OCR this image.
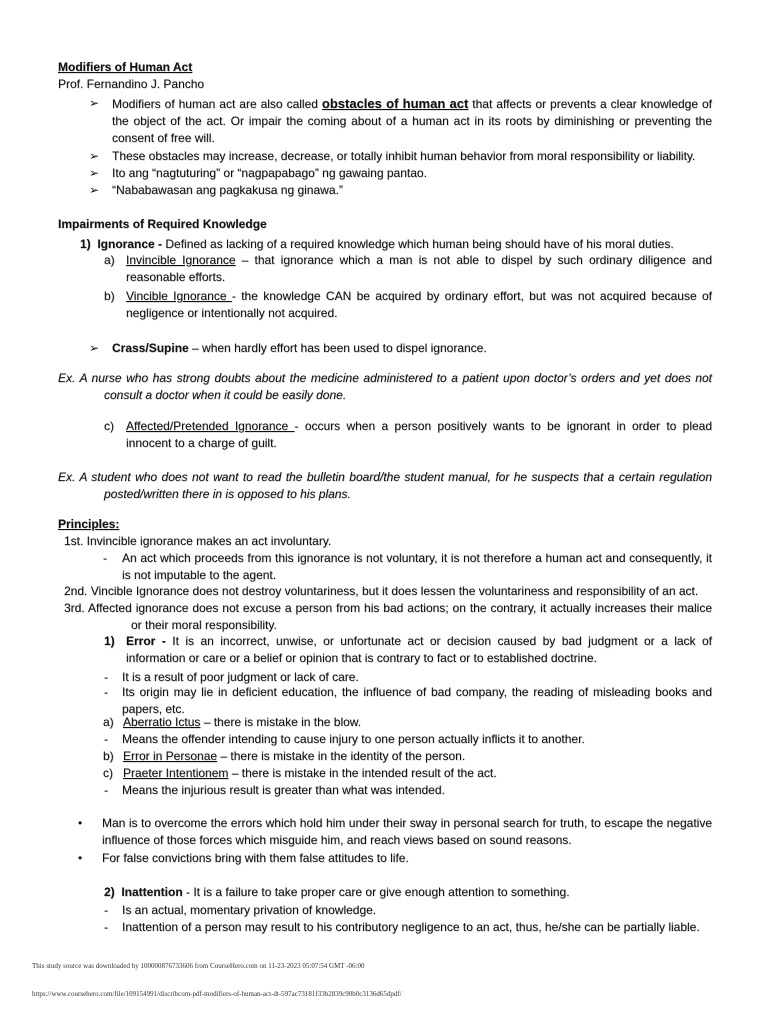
Modifiers of Human Act
Prof. Fernandino J. Pancho
➢ Modifiers of human act are also called obstacles of human act that affects or prevents a clear knowledge of the object of the act. Or impair the coming about of a human act in its roots by diminishing or preventing the consent of free will.
➢ These obstacles may increase, decrease, or totally inhibit human behavior from moral responsibility or liability.
➢ Ito ang “nagtuturing” or “nagpapabago” ng gawaing pantao.
➢ “Nababawasan ang pagkakusa ng ginawa.”
Impairments of Required Knowledge
1) Ignorance - Defined as lacking of a required knowledge which human being should have of his moral duties.
a) Invincible Ignorance – that ignorance which a man is not able to dispel by such ordinary diligence and reasonable efforts.
b) Vincible Ignorance - the knowledge CAN be acquired by ordinary effort, but was not acquired because of negligence or intentionally not acquired.
➢ Crass/Supine – when hardly effort has been used to dispel ignorance.
Ex. A nurse who has strong doubts about the medicine administered to a patient upon doctor’s orders and yet does not consult a doctor when it could be easily done.
c) Affected/Pretended Ignorance - occurs when a person positively wants to be ignorant in order to plead innocent to a charge of guilt.
Ex. A student who does not want to read the bulletin board/the student manual, for he suspects that a certain regulation posted/written there in is opposed to his plans.
Principles:
1st. Invincible ignorance makes an act involuntary.
- An act which proceeds from this ignorance is not voluntary, it is not therefore a human act and consequently, it is not imputable to the agent.
2nd. Vincible Ignorance does not destroy voluntariness, but it does lessen the voluntariness and responsibility of an act.
3rd. Affected ignorance does not excuse a person from his bad actions; on the contrary, it actually increases their malice or their moral responsibility.
1) Error - It is an incorrect, unwise, or unfortunate act or decision caused by bad judgment or a lack of information or care or a belief or opinion that is contrary to fact or to established doctrine.
- It is a result of poor judgment or lack of care.
- Its origin may lie in deficient education, the influence of bad company, the reading of misleading books and papers, etc.
a) Aberratio Ictus – there is mistake in the blow.
- Means the offender intending to cause injury to one person actually inflicts it to another.
b) Error in Personae – there is mistake in the identity of the person.
c) Praeter Intentionem – there is mistake in the intended result of the act.
- Means the injurious result is greater than what was intended.
• Man is to overcome the errors which hold him under their sway in personal search for truth, to escape the negative influence of those forces which misguide him, and reach views based on sound reasons.
• For false convictions bring with them false attitudes to life.
2) Inattention - It is a failure to take proper care or give enough attention to something.
- Is an actual, momentary privation of knowledge.
- Inattention of a person may result to his contributory negligence to an act, thus, he/she can be partially liable.
This study source was downloaded by 100000876733606 from CourseHero.com on 11-23-2023 05:07:54 GMT -06:00
https://www.coursehero.com/file/109154991/discribcom-pdf-modifiers-of-human-act-dt-597ac73181f33b2839c90b0c3136d65dpdf/
